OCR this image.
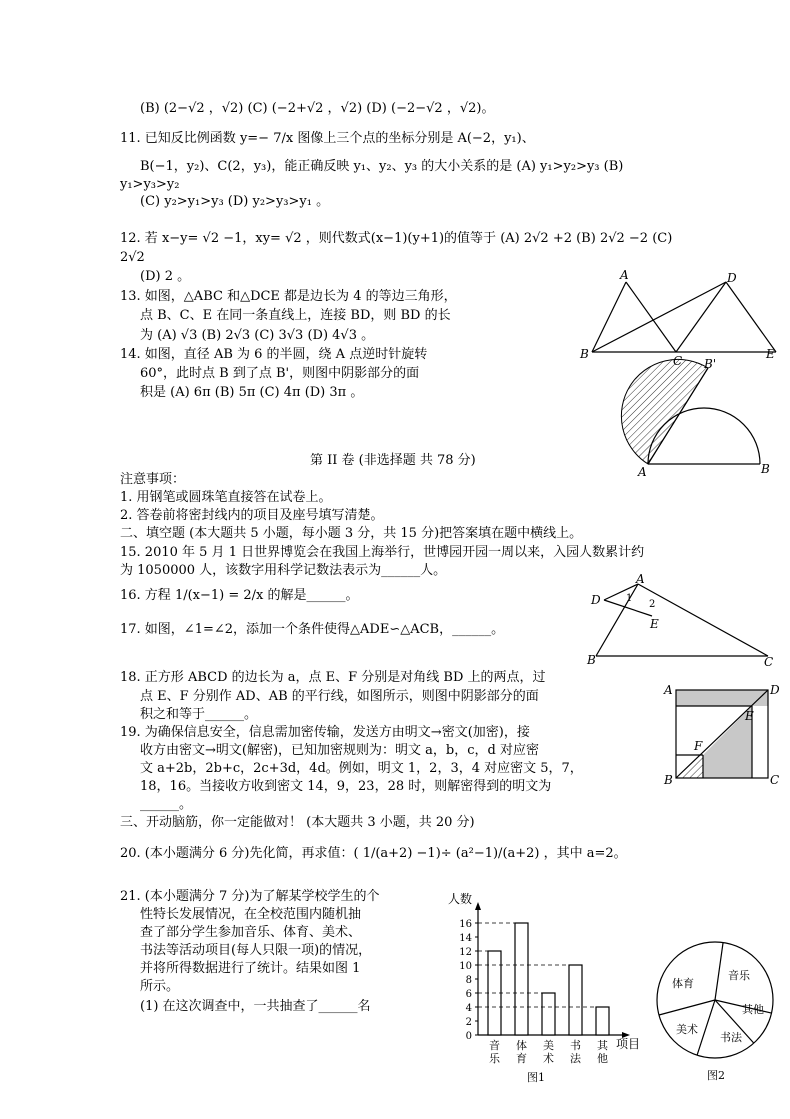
(B) (2−√2 ，√2) (C) (−2+√2 ，√2) (D) (−2−√2 ，√2)。
11. 已知反比例函数 y=− 7/x 图像上三个点的坐标分别是 A(−2，y₁)、
B(−1，y₂)、C(2，y₃)，能正确反映 y₁、y₂、y₃ 的大小关系的是 (A) y₁>y₂>y₃ (B)
y₁>y₃>y₂
(C) y₂>y₁>y₃ (D) y₂>y₃>y₁ 。
12. 若 x−y= √2 −1，xy= √2 ，则代数式(x−1)(y+1)的值等于 (A) 2√2 +2 (B) 2√2 −2 (C)
2√2
(D) 2 。
13. 如图，△ABC 和△DCE 都是边长为 4 的等边三角形，
点 B、C、E 在同一条直线上，连接 BD，则 BD 的长
为 (A) √3 (B) 2√3 (C) 3√3 (D) 4√3 。
14. 如图，直径 AB 为 6 的半圆，绕 A 点逆时针旋转
60°，此时点 B 到了点 B'，则图中阴影部分的面
积是 (A) 6π (B) 5π (C) 4π (D) 3π 。
第 II 卷 (非选择题 共 78 分)
注意事项：
1. 用钢笔或圆珠笔直接答在试卷上。
2. 答卷前将密封线内的项目及座号填写清楚。
二、填空题 (本大题共 5 小题，每小题 3 分，共 15 分)把答案填在题中横线上。
15. 2010 年 5 月 1 日世界博览会在我国上海举行，世博园开园一周以来，入园人数累计约
为 1050000 人，该数字用科学记数法表示为______人。
16. 方程 1/(x−1) = 2/x 的解是______。
17. 如图，∠1=∠2，添加一个条件使得△ADE∽△ACB，______。
18. 正方形 ABCD 的边长为 a，点 E、F 分别是对角线 BD 上的两点，过
点 E、F 分别作 AD、AB 的平行线，如图所示，则图中阴影部分的面
积之和等于______。
19. 为确保信息安全，信息需加密传输，发送方由明文→密文(加密)，接
收方由密文→明文(解密)，已知加密规则为：明文 a，b，c，d 对应密
文 a+2b，2b+c，2c+3d，4d。例如，明文 1，2，3，4 对应密文 5，7，
18，16。当接收方收到密文 14，9，23，28 时，则解密得到的明文为
______。
三、开动脑筋，你一定能做对！ (本大题共 3 小题，共 20 分)
20. (本小题满分 6 分)先化简，再求值：( 1/(a+2) −1)÷ (a²−1)/(a+2) ，其中 a=2。
21. (本小题满分 7 分)为了解某学校学生的个
性特长发展情况，在全校范围内随机抽
查了部分学生参加音乐、体育、美术、
书法等活动项目(每人只限一项)的情况，
并将所得数据进行了统计。结果如图 1
所示。
(1) 在这次调查中，一共抽查了______名
A
B
D
E
A	B
B'
A
B	C
D
E
1
2
A
B	C
D
E
F
人数
项目
0
2
4
6
8
10
12
14
16
音
乐
体
育
美
术
书
法
其
他
图1
体育
音乐
其他
书法
美术
图2
